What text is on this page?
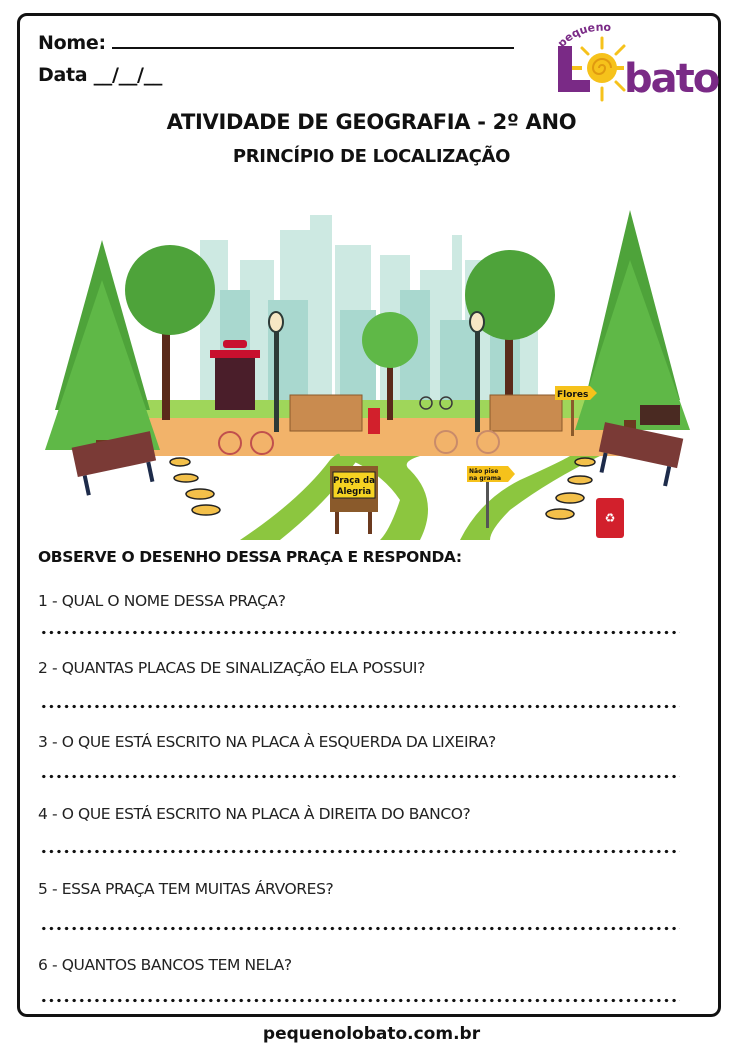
Nome:
Data __/__/__	bato
pequeno
ATIVIDADE DE GEOGRAFIA - 2º ANO
PRINCÍPIO DE LOCALIZAÇÃO
♻
Praça da
Alegria
Não pise
na grama
Flores
OBSERVE O DESENHO DESSA PRAÇA E RESPONDA:
1 - QUAL O NOME DESSA PRAÇA?
2 - QUANTAS PLACAS DE SINALIZAÇÃO ELA POSSUI?
3 - O QUE ESTÁ ESCRITO NA PLACA À ESQUERDA DA LIXEIRA?
4 - O QUE ESTÁ ESCRITO NA PLACA À DIREITA DO BANCO?
5 - ESSA PRAÇA TEM MUITAS ÁRVORES?
6 - QUANTOS BANCOS TEM NELA?
pequenolobato.com.br
